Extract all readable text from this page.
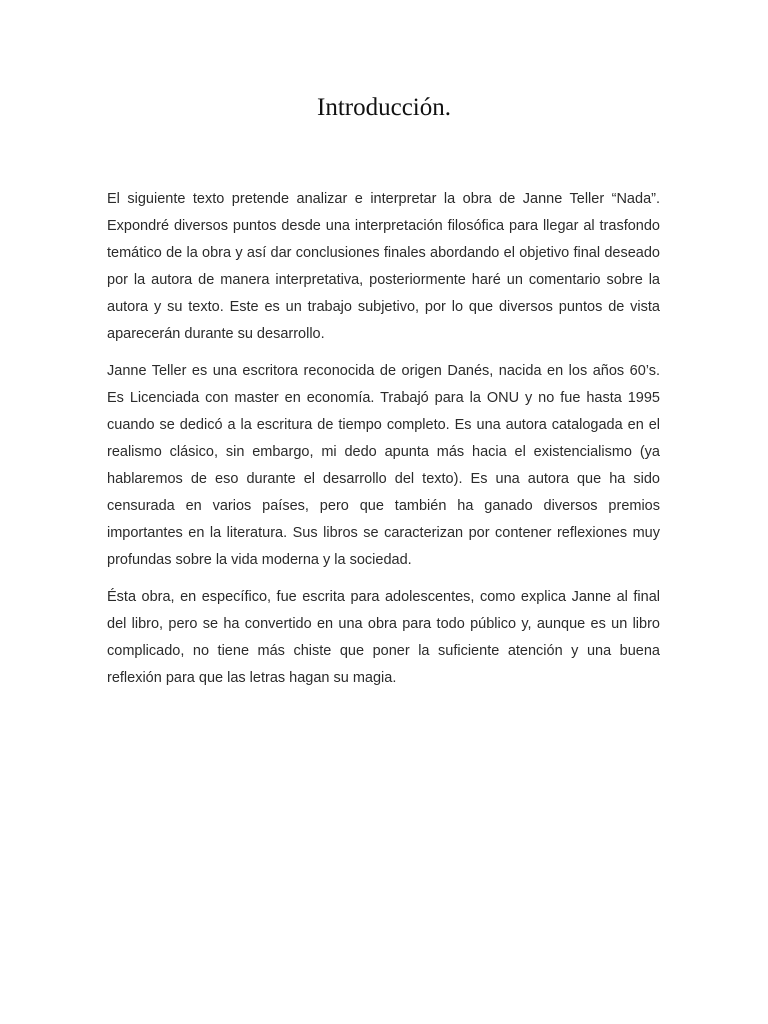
Introducción.

El siguiente texto pretende analizar e interpretar la obra de Janne Teller “Nada”. Expondré diversos puntos desde una interpretación filosófica para llegar al trasfondo temático de la obra y así dar conclusiones finales abordando el objetivo final deseado por la autora de manera interpretativa, posteriormente haré un comentario sobre la autora y su texto. Este es un trabajo subjetivo, por lo que diversos puntos de vista aparecerán durante su desarrollo.

Janne Teller es una escritora reconocida de origen Danés, nacida en los años 60’s. Es Licenciada con master en economía. Trabajó para la ONU y no fue hasta 1995 cuando se dedicó a la escritura de tiempo completo. Es una autora catalogada en el realismo clásico, sin embargo, mi dedo apunta más hacia el existencialismo (ya hablaremos de eso durante el desarrollo del texto). Es una autora que ha sido censurada en varios países, pero que también ha ganado diversos premios importantes en la literatura. Sus libros se caracterizan por contener reflexiones muy profundas sobre la vida moderna y la sociedad.

Ésta obra, en específico, fue escrita para adolescentes, como explica Janne al final del libro, pero se ha convertido en una obra para todo público y, aunque es un libro complicado, no tiene más chiste que poner la suficiente atención y una buena reflexión para que las letras hagan su magia.
